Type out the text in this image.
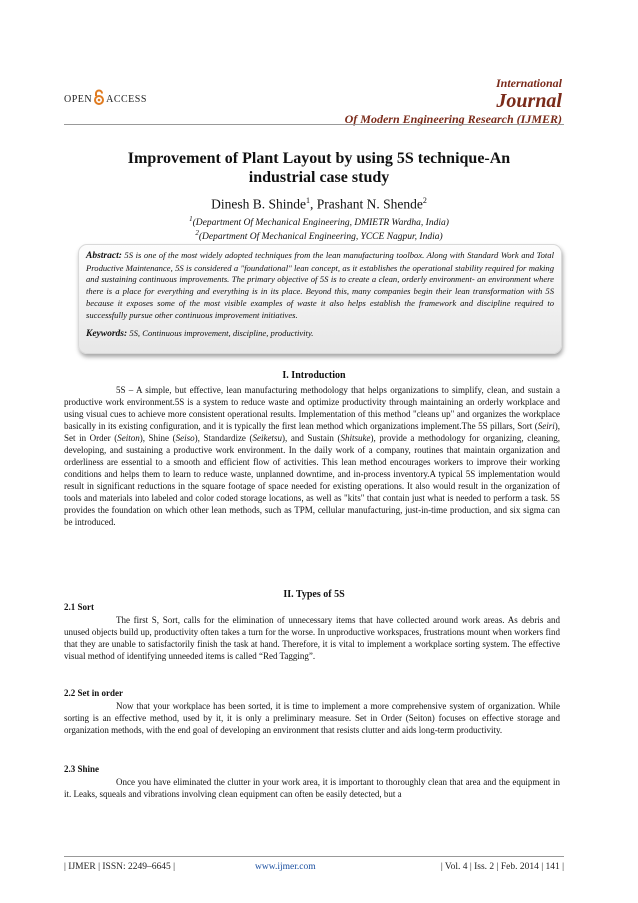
OPEN ACCESS
International
Journal
Of Modern Engineering Research (IJMER)
Improvement of Plant Layout by using 5S technique-An
industrial case study
Dinesh B. Shinde$^1$, Prashant N. Shende$^2$
$^1$(Department Of Mechanical Engineering, DMIETR Wardha, India)
$^2$(Department Of Mechanical Engineering, YCCE Nagpur, India)
Abstract: 5S is one of the most widely adopted techniques from the lean manufacturing toolbox. Along with Standard Work and Total Productive Maintenance, 5S is considered a "foundational" lean concept, as it establishes the operational stability required for making and sustaining continuous improvements. The primary objective of 5S is to create a clean, orderly environment- an environment where there is a place for everything and everything is in its place. Beyond this, many companies begin their lean transformation with 5S because it exposes some of the most visible examples of waste it also helps establish the framework and discipline required to successfully pursue other continuous improvement initiatives.
Keywords: 5S, Continuous improvement, discipline, productivity.
I. Introduction

5S – A simple, but effective, lean manufacturing methodology that helps organizations to simplify, clean, and sustain a productive work environment.5S is a system to reduce waste and optimize productivity through maintaining an orderly workplace and using visual cues to achieve more consistent operational results. Implementation of this method "cleans up" and organizes the workplace basically in its existing configuration, and it is typically the first lean method which organizations implement.The 5S pillars, Sort (Seiri), Set in Order (Seiton), Shine (Seiso), Standardize (Seiketsu), and Sustain (Shitsuke), provide a methodology for organizing, cleaning, developing, and sustaining a productive work environment. In the daily work of a company, routines that maintain organization and orderliness are essential to a smooth and efficient flow of activities. This lean method encourages workers to improve their working conditions and helps them to learn to reduce waste, unplanned downtime, and in-process inventory.A typical 5S implementation would result in significant reductions in the square footage of space needed for existing operations. It also would result in the organization of tools and materials into labeled and color coded storage locations, as well as "kits" that contain just what is needed to perform a task. 5S provides the foundation on which other lean methods, such as TPM, cellular manufacturing, just-in-time production, and six sigma can be introduced.

II. Types of 5S
2.1 Sort

The first S, Sort, calls for the elimination of unnecessary items that have collected around work areas. As debris and unused objects build up, productivity often takes a turn for the worse. In unproductive workspaces, frustrations mount when workers find that they are unable to satisfactorily finish the task at hand. Therefore, it is vital to implement a workplace sorting system. The effective visual method of identifying unneeded items is called “Red Tagging”.

2.2 Set in order

Now that your workplace has been sorted, it is time to implement a more comprehensive system of organization. While sorting is an effective method, used by it, it is only a preliminary measure. Set in Order (Seiton) focuses on effective storage and organization methods, with the end goal of developing an environment that resists clutter and aids long-term productivity.

2.3 Shine

Once you have eliminated the clutter in your work area, it is important to thoroughly clean that area and the equipment in it. Leaks, squeals and vibrations involving clean equipment can often be easily detected, but a

| IJMER | ISSN: 2249–6645 |	www.ijmer.com	| Vol. 4 | Iss. 2 | Feb. 2014 | 141 |
